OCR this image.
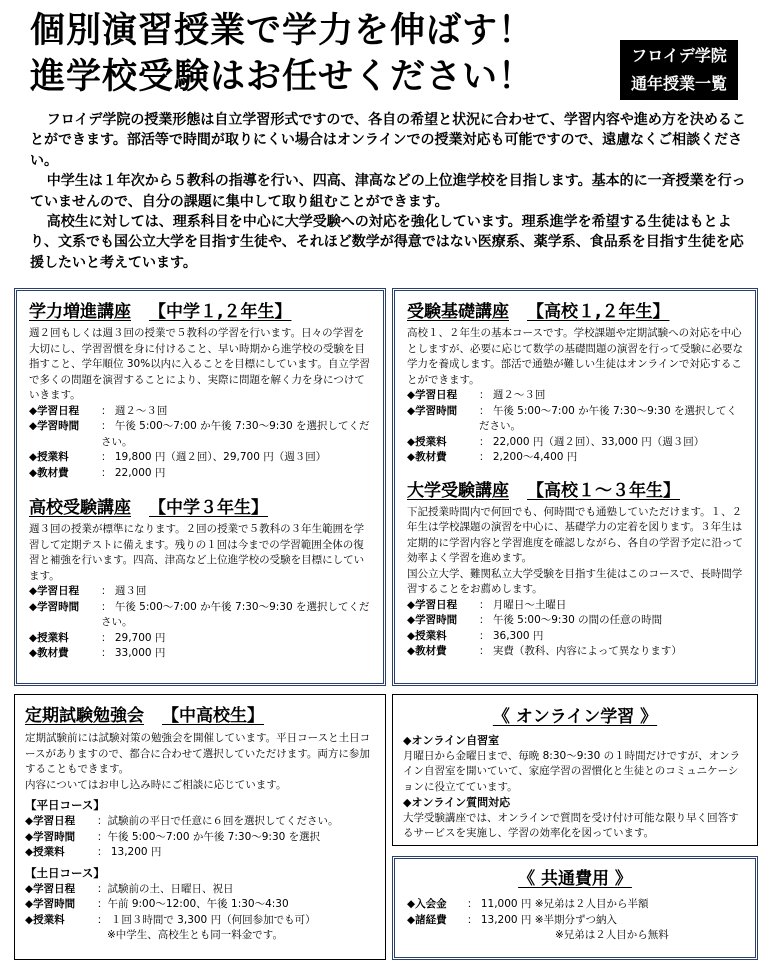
個別演習授業で学力を伸ばす！
進学校受験はお任せください！
フロイデ学院
通年授業一覧

フロイデ学院の授業形態は自立学習形式ですので、各自の希望と状況に合わせて、学習内容や進め方を決めることができます。部活等で時間が取りにくい場合はオンラインでの授業対応も可能ですので、遠慮なくご相談ください。

中学生は１年次から５教科の指導を行い、四高、津高などの上位進学校を目指します。基本的に一斉授業を行っていませんので、自分の課題に集中して取り組むことができます。

高校生に対しては、理系科目を中心に大学受験への対応を強化しています。理系進学を希望する生徒はもとより、文系でも国公立大学を目指す生徒や、それほど数学が得意ではない医療系、薬学系、食品系を目指す生徒を応援したいと考えています。

学力増進講座 【中学１,２年生】
週２回もしくは週３回の授業で５教科の学習を行います。日々の学習を大切にし、学習習慣を身に付けること、早い時期から進学校の受験を目指すこと、学年順位 30%以内に入ることを目標にしています。自立学習で多くの問題を演習することにより、実際に問題を解く力を身につけていきます。
◆学習日程	： 週２～３回
◆学習時間	： 午後 5:00～7:00 か午後 7:30～9:30 を選択してください。
◆授業料	： 19,800 円（週２回）、29,700 円（週３回）
◆教材費	： 22,000 円
高校受験講座 【中学３年生】
週３回の授業が標準になります。２回の授業で５教科の３年生範囲を学習して定期テストに備えます。残りの１回は今までの学習範囲全体の復習と補強を行います。四高、津高など上位進学校の受験を目標にしています。
◆学習日程	： 週３回
◆学習時間	： 午後 5:00～7:00 か午後 7:30～9:30 を選択してください。
◆授業料	： 29,700 円
◆教材費	： 33,000 円
受験基礎講座 【高校１,２年生】
高校１、２年生の基本コースです。学校課題や定期試験への対応を中心としますが、必要に応じて数学の基礎問題の演習を行って受験に必要な学力を養成します。部活で通塾が難しい生徒はオンラインで対応することができます。
◆学習日程	： 週２～３回
◆学習時間	： 午後 5:00～7:00 か午後 7:30～9:30 を選択してください。
◆授業料	： 22,000 円（週２回）、33,000 円（週３回）
◆教材費	： 2,200～4,400 円
大学受験講座 【高校１～３年生】
下記授業時間内で何回でも、何時間でも通塾していただけます。１、２年生は学校課題の演習を中心に、基礎学力の定着を図ります。３年生は定期的に学習内容と学習進度を確認しながら、各自の学習予定に沿って効率よく学習を進めます。
国公立大学、難関私立大学受験を目指す生徒はこのコースで、長時間学習することをお薦めします。
◆学習日程	： 月曜日～土曜日
◆学習時間	： 午後 5:00～9:30 の間の任意の時間
◆授業料	： 36,300 円
◆教材費	： 実費（教科、内容によって異なります）
定期試験勉強会 【中高校生】
定期試験前には試験対策の勉強会を開催しています。平日コースと土日コースがありますので、都合に合わせて選択していただけます。両方に参加することもできます。
内容についてはお申し込み時にご相談に応じています。
【平日コース】
◆学習日程	：試験前の平日で任意に６回を選択してください。
◆学習時間	：午後 5:00～7:00 か午後 7:30～9:30 を選択
◆授業料	： 13,200 円
【土日コース】
◆学習日程	：試験前の土、日曜日、祝日
◆学習時間	：午前 9:00～12:00、午後 1:30～4:30
◆授業料	： １回３時間で 3,300 円（何回参加でも可）
※中学生、高校生とも同一料金です。
《 オンライン学習 》
◆オンライン自習室
月曜日から金曜日まで、毎晩 8:30～9:30 の１時間だけですが、オンライン自習室を開いていて、家庭学習の習慣化と生徒とのコミュニケーションに役立てています。
◆オンライン質問対応
大学受験講座では、オンラインで質問を受け付け可能な限り早く回答するサービスを実施し、学習の効率化を図っています。
《 共通費用 》
◆入会金	： 11,000 円 ※兄弟は２人目から半額
◆諸経費	： 13,200 円 ※半期分ずつ納入
※兄弟は２人目から無料
